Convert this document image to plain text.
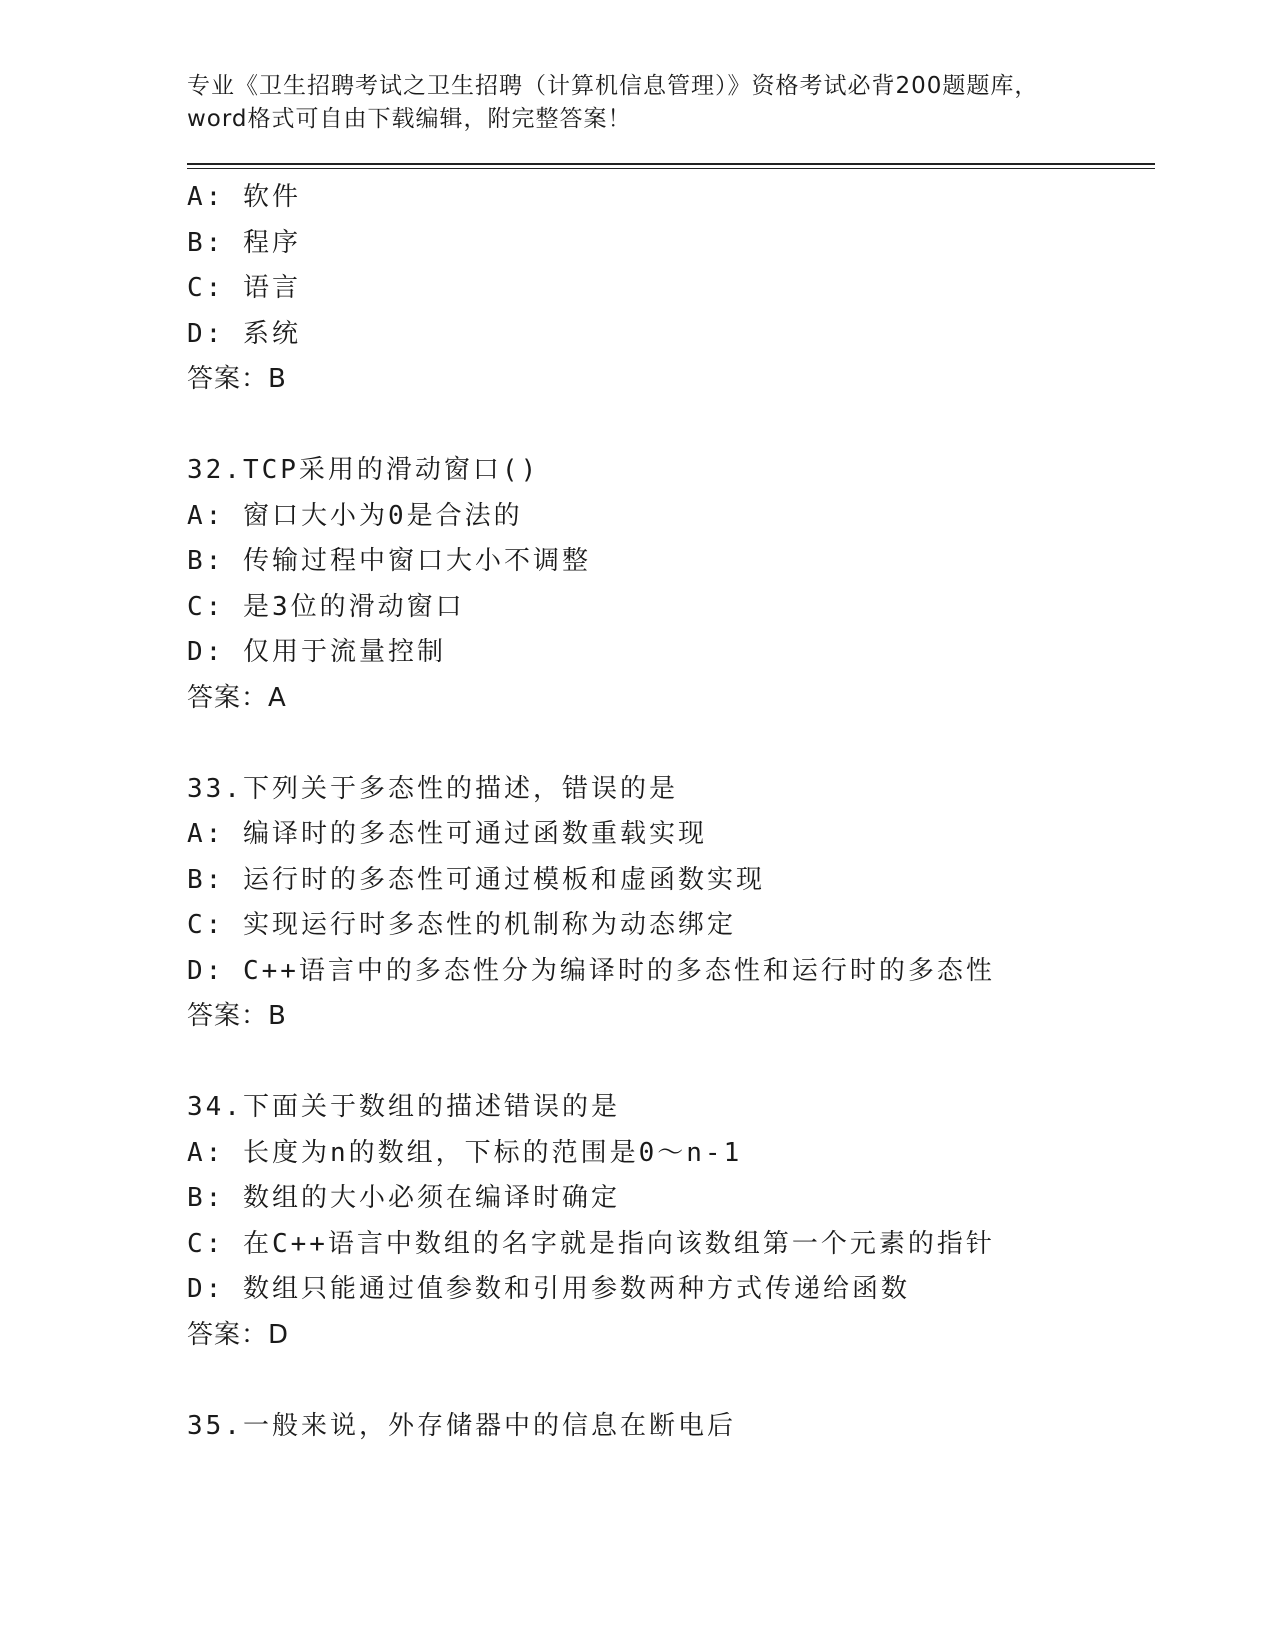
专业《卫生招聘考试之卫生招聘（计算机信息管理）》资格考试必背200题题库，
word格式可自由下载编辑，附完整答案！
A: 软件
B: 程序
C: 语言
D: 系统
答案：B
32.TCP采用的滑动窗口()
A: 窗口大小为0是合法的
B: 传输过程中窗口大小不调整
C: 是3位的滑动窗口
D: 仅用于流量控制
答案：A
33.下列关于多态性的描述，错误的是
A: 编译时的多态性可通过函数重载实现
B: 运行时的多态性可通过模板和虚函数实现
C: 实现运行时多态性的机制称为动态绑定
D: C++语言中的多态性分为编译时的多态性和运行时的多态性
答案：B
34.下面关于数组的描述错误的是
A: 长度为n的数组，下标的范围是0～n-1
B: 数组的大小必须在编译时确定
C: 在C++语言中数组的名字就是指向该数组第一个元素的指针
D: 数组只能通过值参数和引用参数两种方式传递给函数
答案：D
35.一般来说，外存储器中的信息在断电后
